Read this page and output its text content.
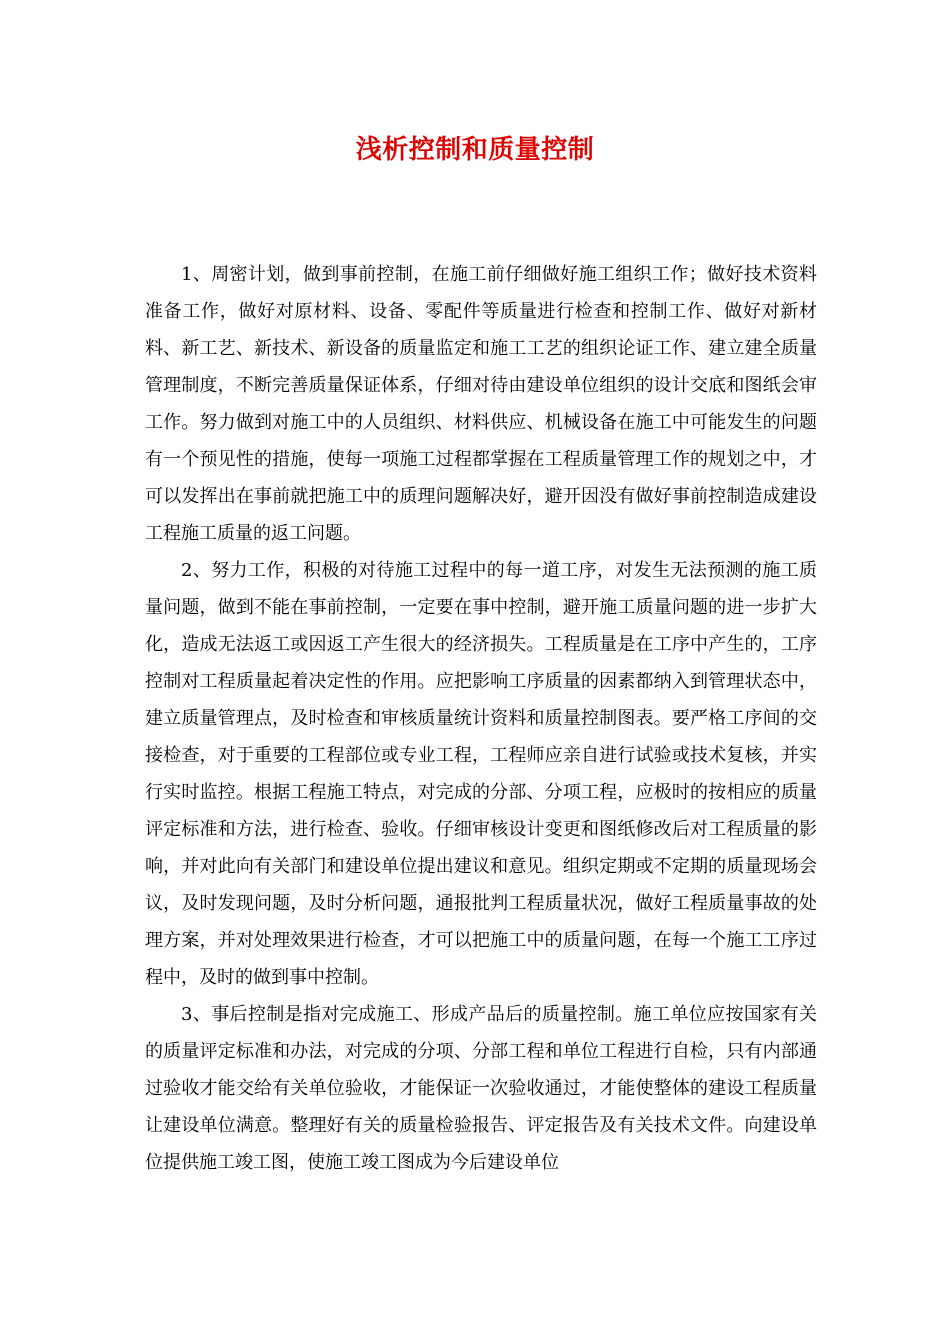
浅析控制和质量控制

1、周密计划，做到事前控制，在施工前仔细做好施工组织工作；做好技术资料准备工作，做好对原材料、设备、零配件等质量进行检查和控制工作、做好对新材料、新工艺、新技术、新设备的质量监定和施工工艺的组织论证工作、建立建全质量管理制度，不断完善质量保证体系，仔细对待由建设单位组织的设计交底和图纸会审工作。努力做到对施工中的人员组织、材料供应、机械设备在施工中可能发生的问题有一个预见性的措施，使每一项施工过程都掌握在工程质量管理工作的规划之中，才可以发挥出在事前就把施工中的质理问题解决好，避开因没有做好事前控制造成建设工程施工质量的返工问题。

2、努力工作，积极的对待施工过程中的每一道工序，对发生无法预测的施工质量问题，做到不能在事前控制，一定要在事中控制，避开施工质量问题的进一步扩大化，造成无法返工或因返工产生很大的经济损失。工程质量是在工序中产生的，工序控制对工程质量起着决定性的作用。应把影响工序质量的因素都纳入到管理状态中，建立质量管理点，及时检查和审核质量统计资料和质量控制图表。要严格工序间的交接检查，对于重要的工程部位或专业工程，工程师应亲自进行试验或技术复核，并实行实时监控。根据工程施工特点，对完成的分部、分项工程，应极时的按相应的质量评定标准和方法，进行检查、验收。仔细审核设计变更和图纸修改后对工程质量的影响，并对此向有关部门和建设单位提出建议和意见。组织定期或不定期的质量现场会议，及时发现问题，及时分析问题，通报批判工程质量状况，做好工程质量事故的处理方案，并对处理效果进行检查，才可以把施工中的质量问题，在每一个施工工序过程中，及时的做到事中控制。

3、事后控制是指对完成施工、形成产品后的质量控制。施工单位应按国家有关的质量评定标准和办法，对完成的分项、分部工程和单位工程进行自检，只有内部通过验收才能交给有关单位验收，才能保证一次验收通过，才能使整体的建设工程质量让建设单位满意。整理好有关的质量检验报告、评定报告及有关技术文件。向建设单位提供施工竣工图，使施工竣工图成为今后建设单位
